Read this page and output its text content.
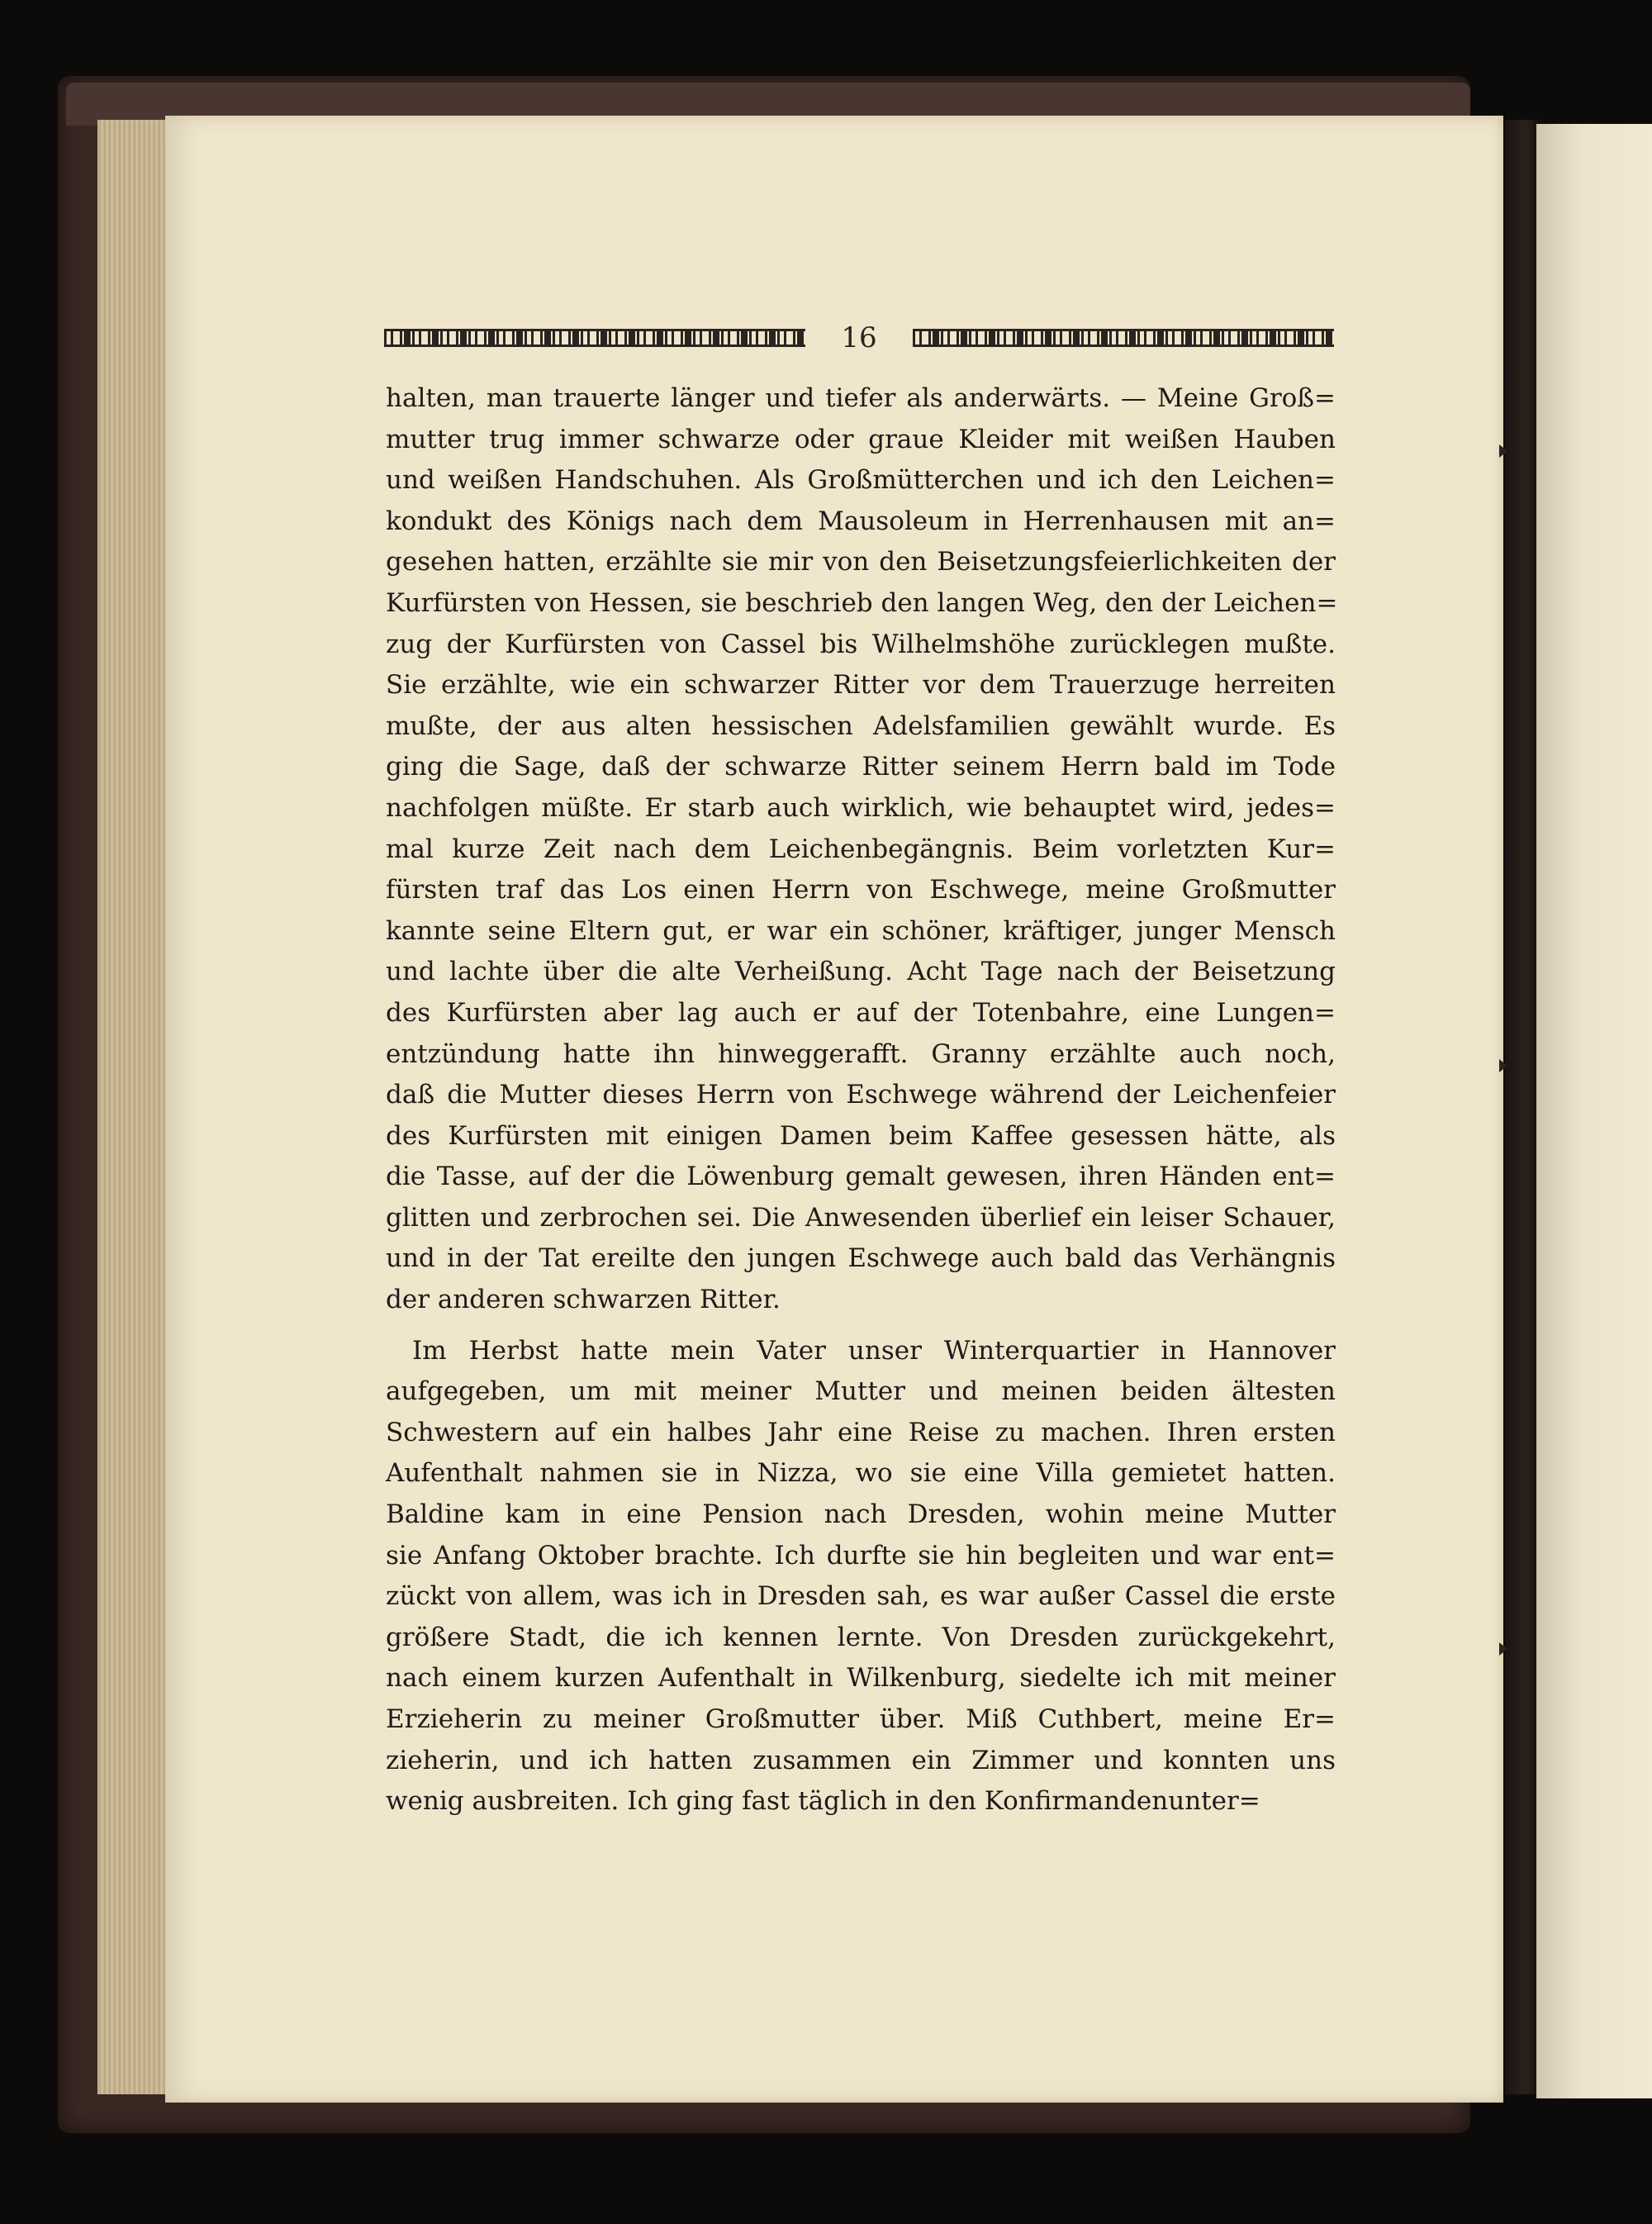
16
halten, man trauerte länger und tiefer als anderwärts. — Meine Groß=
mutter trug immer schwarze oder graue Kleider mit weißen Hauben
und weißen Handschuhen. Als Großmütterchen und ich den Leichen=
kondukt des Königs nach dem Mausoleum in Herrenhausen mit an=
gesehen hatten, erzählte sie mir von den Beisetzungsfeierlichkeiten der
Kurfürsten von Hessen, sie beschrieb den langen Weg, den der Leichen=
zug der Kurfürsten von Cassel bis Wilhelmshöhe zurücklegen mußte.
Sie erzählte, wie ein schwarzer Ritter vor dem Trauerzuge herreiten
mußte, der aus alten hessischen Adelsfamilien gewählt wurde. Es
ging die Sage, daß der schwarze Ritter seinem Herrn bald im Tode
nachfolgen müßte. Er starb auch wirklich, wie behauptet wird, jedes=
mal kurze Zeit nach dem Leichenbegängnis. Beim vorletzten Kur=
fürsten traf das Los einen Herrn von Eschwege, meine Großmutter
kannte seine Eltern gut, er war ein schöner, kräftiger, junger Mensch
und lachte über die alte Verheißung. Acht Tage nach der Beisetzung
des Kurfürsten aber lag auch er auf der Totenbahre, eine Lungen=
entzündung hatte ihn hinweggerafft. Granny erzählte auch noch,
daß die Mutter dieses Herrn von Eschwege während der Leichenfeier
des Kurfürsten mit einigen Damen beim Kaffee gesessen hätte, als
die Tasse, auf der die Löwenburg gemalt gewesen, ihren Händen ent=
glitten und zerbrochen sei. Die Anwesenden überlief ein leiser Schauer,
und in der Tat ereilte den jungen Eschwege auch bald das Verhängnis
der anderen schwarzen Ritter.
Im Herbst hatte mein Vater unser Winterquartier in Hannover
aufgegeben, um mit meiner Mutter und meinen beiden ältesten
Schwestern auf ein halbes Jahr eine Reise zu machen. Ihren ersten
Aufenthalt nahmen sie in Nizza, wo sie eine Villa gemietet hatten.
Baldine kam in eine Pension nach Dresden, wohin meine Mutter
sie Anfang Oktober brachte. Ich durfte sie hin begleiten und war ent=
zückt von allem, was ich in Dresden sah, es war außer Cassel die erste
größere Stadt, die ich kennen lernte. Von Dresden zurückgekehrt,
nach einem kurzen Aufenthalt in Wilkenburg, siedelte ich mit meiner
Erzieherin zu meiner Großmutter über. Miß Cuthbert, meine Er=
zieherin, und ich hatten zusammen ein Zimmer und konnten uns
wenig ausbreiten. Ich ging fast täglich in den Konfirmandenunter=
